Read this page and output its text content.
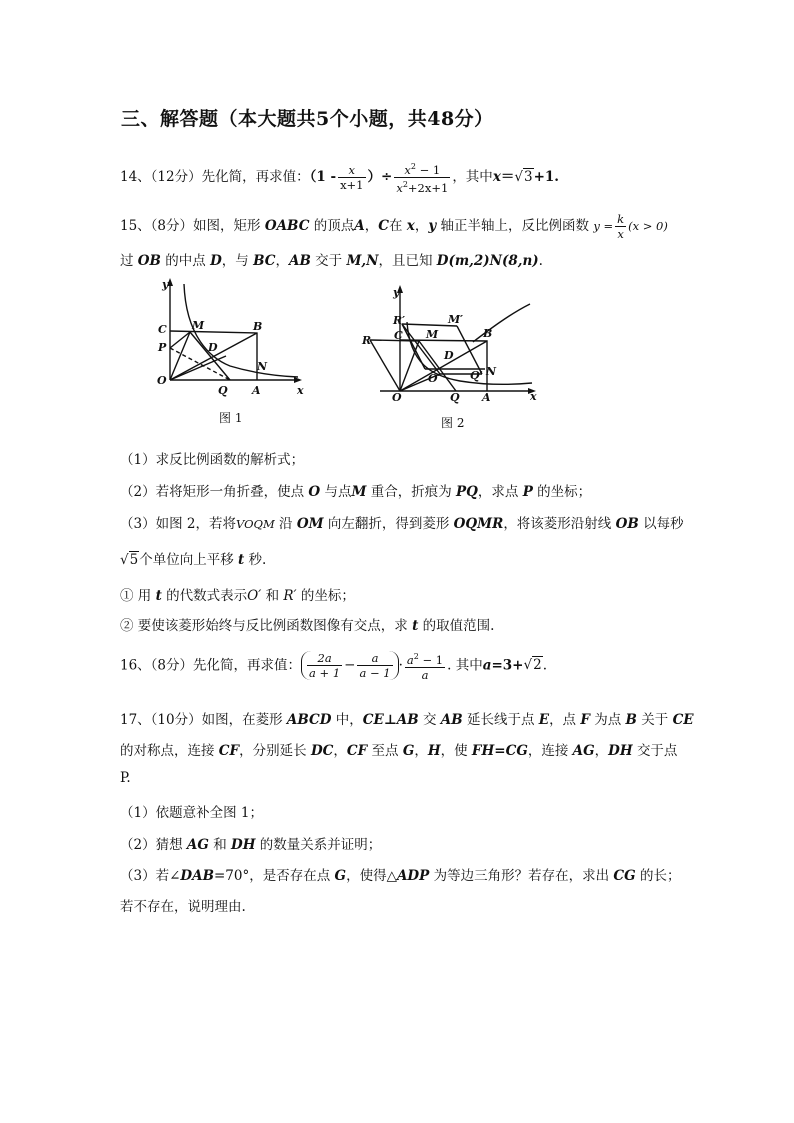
三、解答题（本大题共5个小题，共48分）
14、（12分）先化简，再求值：（$1 - \frac{x}{x+1}$ ）÷ $\frac{x^2 - 1}{x^2+2x+1}$ ，其中x＝√3+1.
15、（8分）如图，矩形 OABC 的顶点A，C在 x，y 轴正半轴上，反比例函数 $y = \frac{k}{x} (x > 0)$
过 OB 的中点 D，与 BC，AB 交于 M,N，且已知 D(m,2)N(8,n).
y
x
C M	B
P	D
N
O
Q A
图 1
y
x
R′	M′
R C M	B
D
O′
N
Q′
O	Q A
图 2
（1）求反比例函数的解析式；
（2）若将矩形一角折叠，使点 O 与点M 重合，折痕为 PQ，求点 P 的坐标；
（3）如图 2，若将VOQM 沿 OM 向左翻折，得到菱形 OQMR，将该菱形沿射线 OB 以每秒
√5个单位向上平移 t 秒.
① 用 t 的代数式表示O′ 和 R′ 的坐标；
② 要使该菱形始终与反比例函数图像有交点，求 t 的取值范围.
16、（8分）先化简，再求值： $\frac{2a}{a + 1} - \frac{a}{a - 1} \cdot \frac{a^2 - 1}{a}$ . 其中a=3+√2.
17、（10分）如图，在菱形 ABCD 中，CE⊥AB 交 AB 延长线于点 E，点 F 为点 B 关于 CE
的对称点，连接 CF，分别延长 DC，CF 至点 G，H，使 FH=CG，连接 AG，DH 交于点
P.
（1）依题意补全图 1；
（2）猜想 AG 和 DH 的数量关系并证明；
（3）若∠DAB=70°，是否存在点 G，使得△ADP 为等边三角形？若存在，求出 CG 的长；
若不存在，说明理由.
